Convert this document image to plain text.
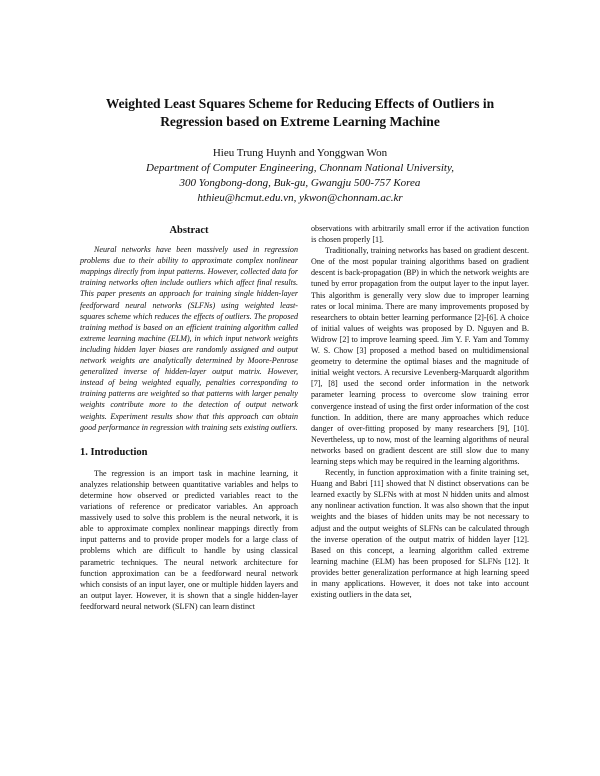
Weighted Least Squares Scheme for Reducing Effects of Outliers in
Regression based on Extreme Learning Machine
Hieu Trung Huynh and Yonggwan Won
Department of Computer Engineering, Chonnam National University,
300 Yongbong-dong, Buk-gu, Gwangju 500-757 Korea
hthieu@hcmut.edu.vn, ykwon@chonnam.ac.kr
Abstract

Neural networks have been massively used in regression problems due to their ability to approximate complex nonlinear mappings directly from input patterns. However, collected data for training networks often include outliers which affect final results. This paper presents an approach for training single hidden-layer feedforward neural networks (SLFNs) using weighted least-squares scheme which reduces the effects of outliers. The proposed training method is based on an efficient training algorithm called extreme learning machine (ELM), in which input network weights including hidden layer biases are randomly assigned and output network weights are analytically determined by Moore-Penrose generalized inverse of hidden-layer output matrix. However, instead of being weighted equally, penalties corresponding to training patterns are weighted so that patterns with larger penalty weights contribute more to the detection of output network weights. Experiment results show that this approach can obtain good performance in regression with training sets existing outliers.

1. Introduction

The regression is an import task in machine learning, it analyzes relationship between quantitative variables and helps to determine how observed or predicted variables react to the variations of reference or predicator variables. An approach massively used to solve this problem is the neural network, it is able to approximate complex nonlinear mappings directly from input patterns and to provide proper models for a large class of problems which are difficult to handle by using classical parametric techniques. The neural network architecture for function approximation can be a feedforward neural network which consists of an input layer, one or multiple hidden layers and an output layer. However, it is shown that a single hidden-layer feedforward neural network (SLFN) can learn distinct

observations with arbitrarily small error if the activation function is chosen properly [1].

Traditionally, training networks has based on gradient descent. One of the most popular training algorithms based on gradient descent is back-propagation (BP) in which the network weights are tuned by error propagation from the output layer to the input layer. This algorithm is generally very slow due to improper learning rates or local minima. There are many improvements proposed by researchers to obtain better learning performance [2]-[6]. A choice of initial values of weights was proposed by D. Nguyen and B. Widrow [2] to improve learning speed. Jim Y. F. Yam and Tommy W. S. Chow [3] proposed a method based on multidimensional geometry to determine the optimal biases and the magnitude of initial weight vectors. A recursive Levenberg-Marquardt algorithm [7], [8] used the second order information in the network parameter learning process to overcome slow training error convergence instead of using the first order information of the cost function. In addition, there are many approaches which reduce danger of over-fitting proposed by many researchers [9], [10]. Nevertheless, up to now, most of the learning algorithms of neural networks based on gradient descent are still slow due to many learning steps which may be required in the learning algorithms.

Recently, in function approximation with a finite training set, Huang and Babri [11] showed that N distinct observations can be learned exactly by SLFNs with at most N hidden units and almost any nonlinear activation function. It was also shown that the input weights and the biases of hidden units may be not necessary to adjust and the output weights of SLFNs can be calculated through the inverse operation of the output matrix of hidden layer [12]. Based on this concept, a learning algorithm called extreme learning machine (ELM) has been proposed for SLFNs [12]. It provides better generalization performance at high learning speed in many applications. However, it does not take into account existing outliers in the data set,
